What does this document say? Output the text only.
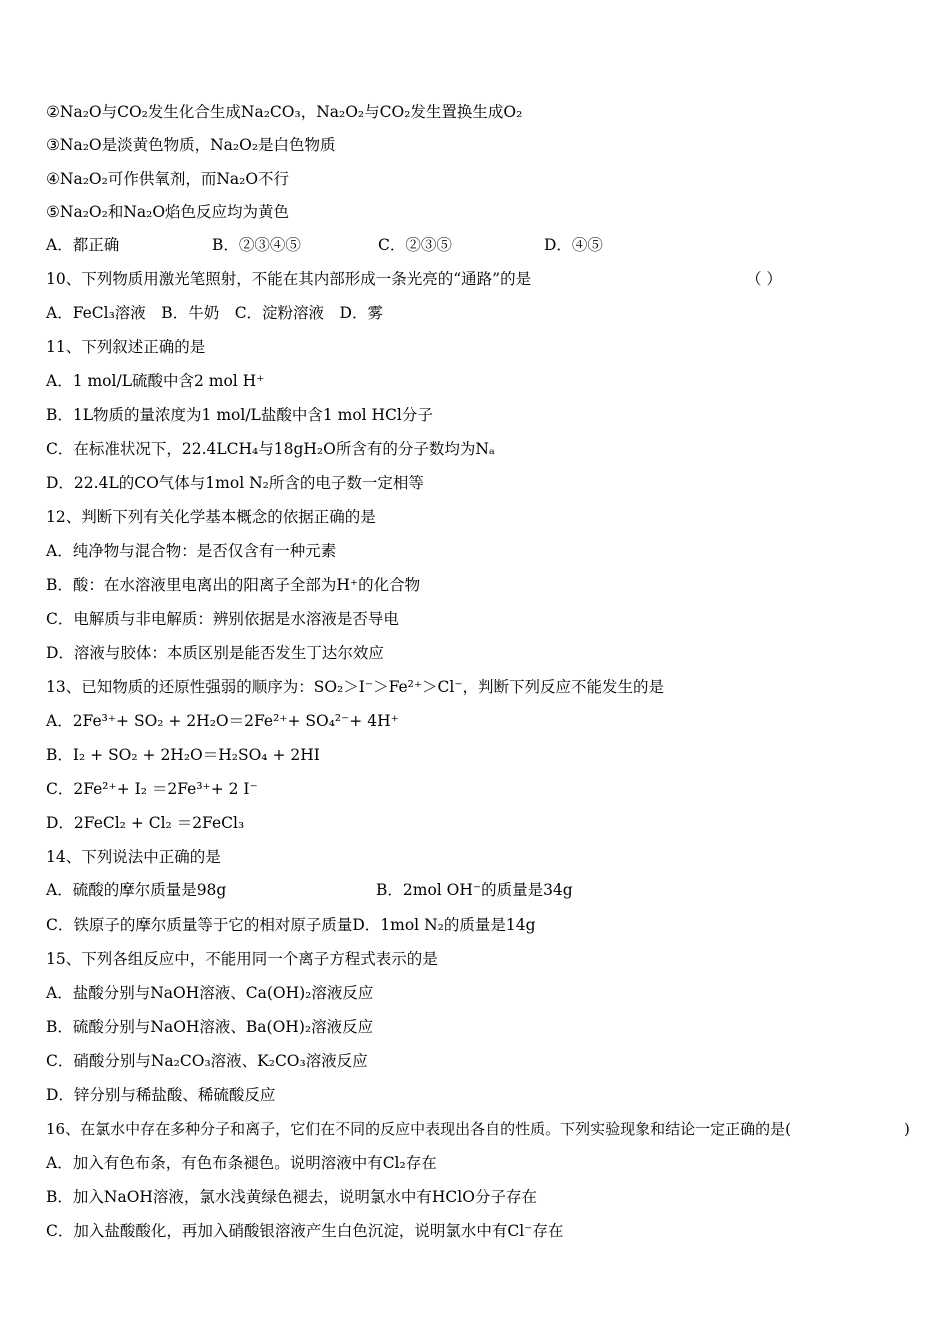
②Na₂O与CO₂发生化合生成Na₂CO₃，Na₂O₂与CO₂发生置换生成O₂
③Na₂O是淡黄色物质，Na₂O₂是白色物质
④Na₂O₂可作供氧剂，而Na₂O不行
⑤Na₂O₂和Na₂O焰色反应均为黄色
A．都正确	B．②③④⑤	C．②③⑤	D．④⑤
10、下列物质用激光笔照射，不能在其内部形成一条光亮的“通路”的是	（ ）
A．FeCl₃溶液　B．牛奶　C．淀粉溶液　D．雾
11、下列叙述正确的是
A．1 mol/L硫酸中含2 mol H⁺
B．1L物质的量浓度为1 mol/L盐酸中含1 mol HCl分子
C．在标准状况下，22.4LCH₄与18gH₂O所含有的分子数均为Nₐ
D．22.4L的CO气体与1mol N₂所含的电子数一定相等
12、判断下列有关化学基本概念的依据正确的是
A．纯净物与混合物：是否仅含有一种元素
B．酸：在水溶液里电离出的阳离子全部为H⁺的化合物
C．电解质与非电解质：辨别依据是水溶液是否导电
D．溶液与胶体：本质区别是能否发生丁达尔效应
13、已知物质的还原性强弱的顺序为：SO₂＞I⁻＞Fe²⁺＞Cl⁻，判断下列反应不能发生的是
A．2Fe³⁺+ SO₂ + 2H₂O＝2Fe²⁺+ SO₄²⁻+ 4H⁺
B．I₂ + SO₂ + 2H₂O＝H₂SO₄ + 2HI
C．2Fe²⁺+ I₂ ＝2Fe³⁺+ 2 I⁻
D．2FeCl₂ + Cl₂ ＝2FeCl₃
14、下列说法中正确的是
A．硫酸的摩尔质量是98g	B．2mol OH⁻的质量是34g
C．铁原子的摩尔质量等于它的相对原子质量D．1mol N₂的质量是14g
15、下列各组反应中，不能用同一个离子方程式表示的是
A．盐酸分别与NaOH溶液、Ca(OH)₂溶液反应
B．硫酸分别与NaOH溶液、Ba(OH)₂溶液反应
C．硝酸分别与Na₂CO₃溶液、K₂CO₃溶液反应
D．锌分别与稀盐酸、稀硫酸反应
16、在氯水中存在多种分子和离子，它们在不同的反应中表现出各自的性质。下列实验现象和结论一定正确的是(	)
A．加入有色布条，有色布条褪色。说明溶液中有Cl₂存在
B．加入NaOH溶液，氯水浅黄绿色褪去，说明氯水中有HClO分子存在
C．加入盐酸酸化，再加入硝酸银溶液产生白色沉淀，说明氯水中有Cl⁻存在
